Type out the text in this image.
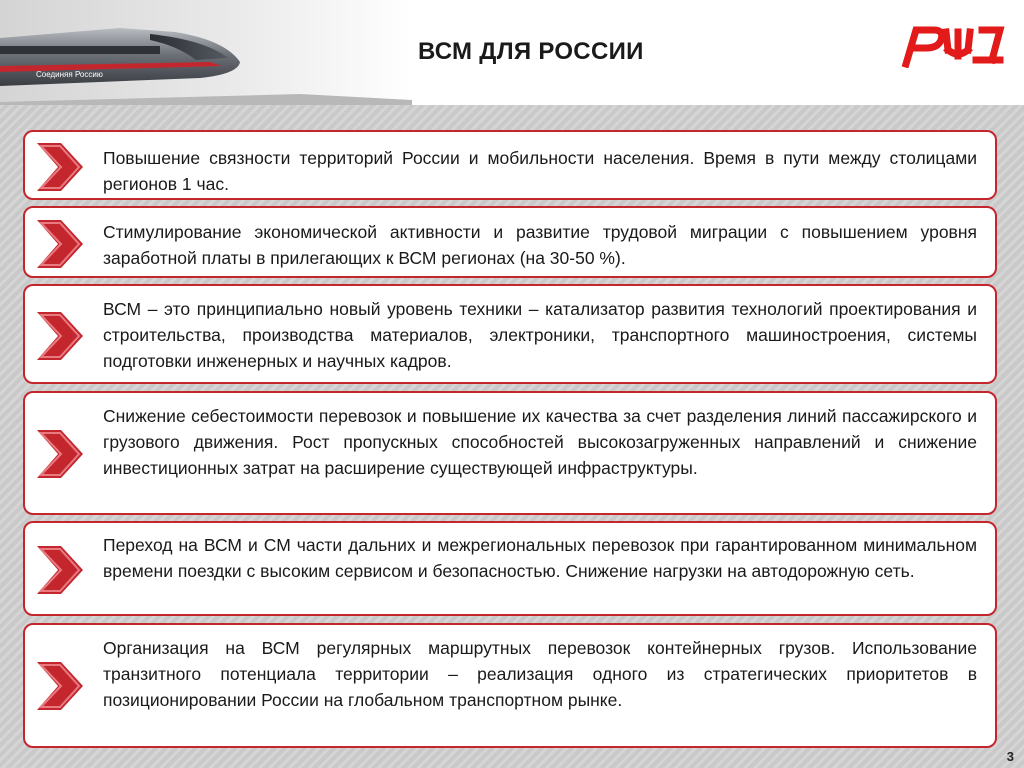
Соединяя Россию
ВСМ ДЛЯ РОССИИ
Повышение связности территорий России и мобильности населения. Время в пути между столицами регионов 1 час.
Стимулирование экономической активности и развитие трудовой миграции с повышением уровня заработной платы в прилегающих к ВСМ регионах (на 30-50 %).
ВСМ – это принципиально новый уровень техники – катализатор развития технологий проектирования и строительства, производства материалов, электроники, транспортного машиностроения, системы подготовки инженерных и научных кадров.
Снижение себестоимости перевозок и повышение их качества за счет разделения линий пассажирского и грузового движения. Рост пропускных способностей высокозагруженных направлений и снижение инвестиционных затрат на расширение существующей инфраструктуры.
Переход на ВСМ и СМ части дальних и межрегиональных перевозок при гарантированном минимальном времени поездки с высоким сервисом и безопасностью. Снижение нагрузки на автодорожную сеть.
Организация на ВСМ регулярных маршрутных перевозок контейнерных грузов. Использование транзитного потенциала территории – реализация одного из стратегических приоритетов в позиционировании России на глобальном транспортном рынке.
3
